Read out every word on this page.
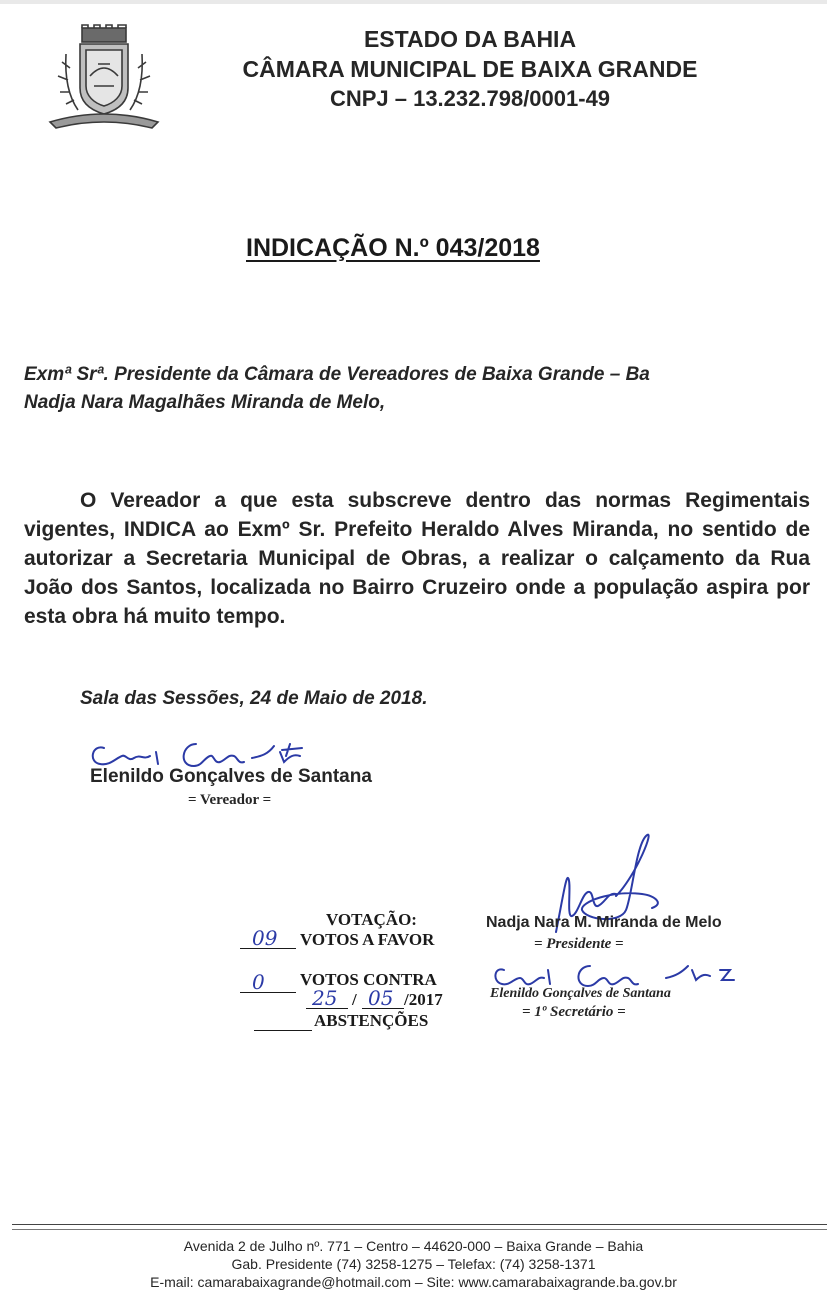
ESTADO DA BAHIA
CÂMARA MUNICIPAL DE BAIXA GRANDE
CNPJ – 13.232.798/0001-49
INDICAÇÃO N.º 043/2018
Exmª Srª. Presidente da Câmara de Vereadores de Baixa Grande – Ba
Nadja Nara Magalhães Miranda de Melo,
O Vereador a que esta subscreve dentro das normas Regimentais vigentes, INDICA ao Exmº Sr. Prefeito Heraldo Alves Miranda, no sentido de autorizar a Secretaria Municipal de Obras, a realizar o calçamento da Rua João dos Santos, localizada no Bairro Cruzeiro onde a população aspira por esta obra há muito tempo.
Sala das Sessões, 24 de Maio de 2018.
Elenildo Gonçalves de Santana
= Vereador =
VOTAÇÃO:
09 VOTOS A FAVOR
0 VOTOS CONTRA
25 / 05 /2017
ABSTENÇÕES
Nadja Nara M. Miranda de Melo
= Presidente =
Elenildo Gonçalves de Santana
= 1º Secretário =
Avenida 2 de Julho nº. 771 – Centro – 44620-000 – Baixa Grande – Bahia
Gab. Presidente (74) 3258-1275 – Telefax: (74) 3258-1371
E-mail: camarabaixagrande@hotmail.com – Site: www.camarabaixagrande.ba.gov.br
